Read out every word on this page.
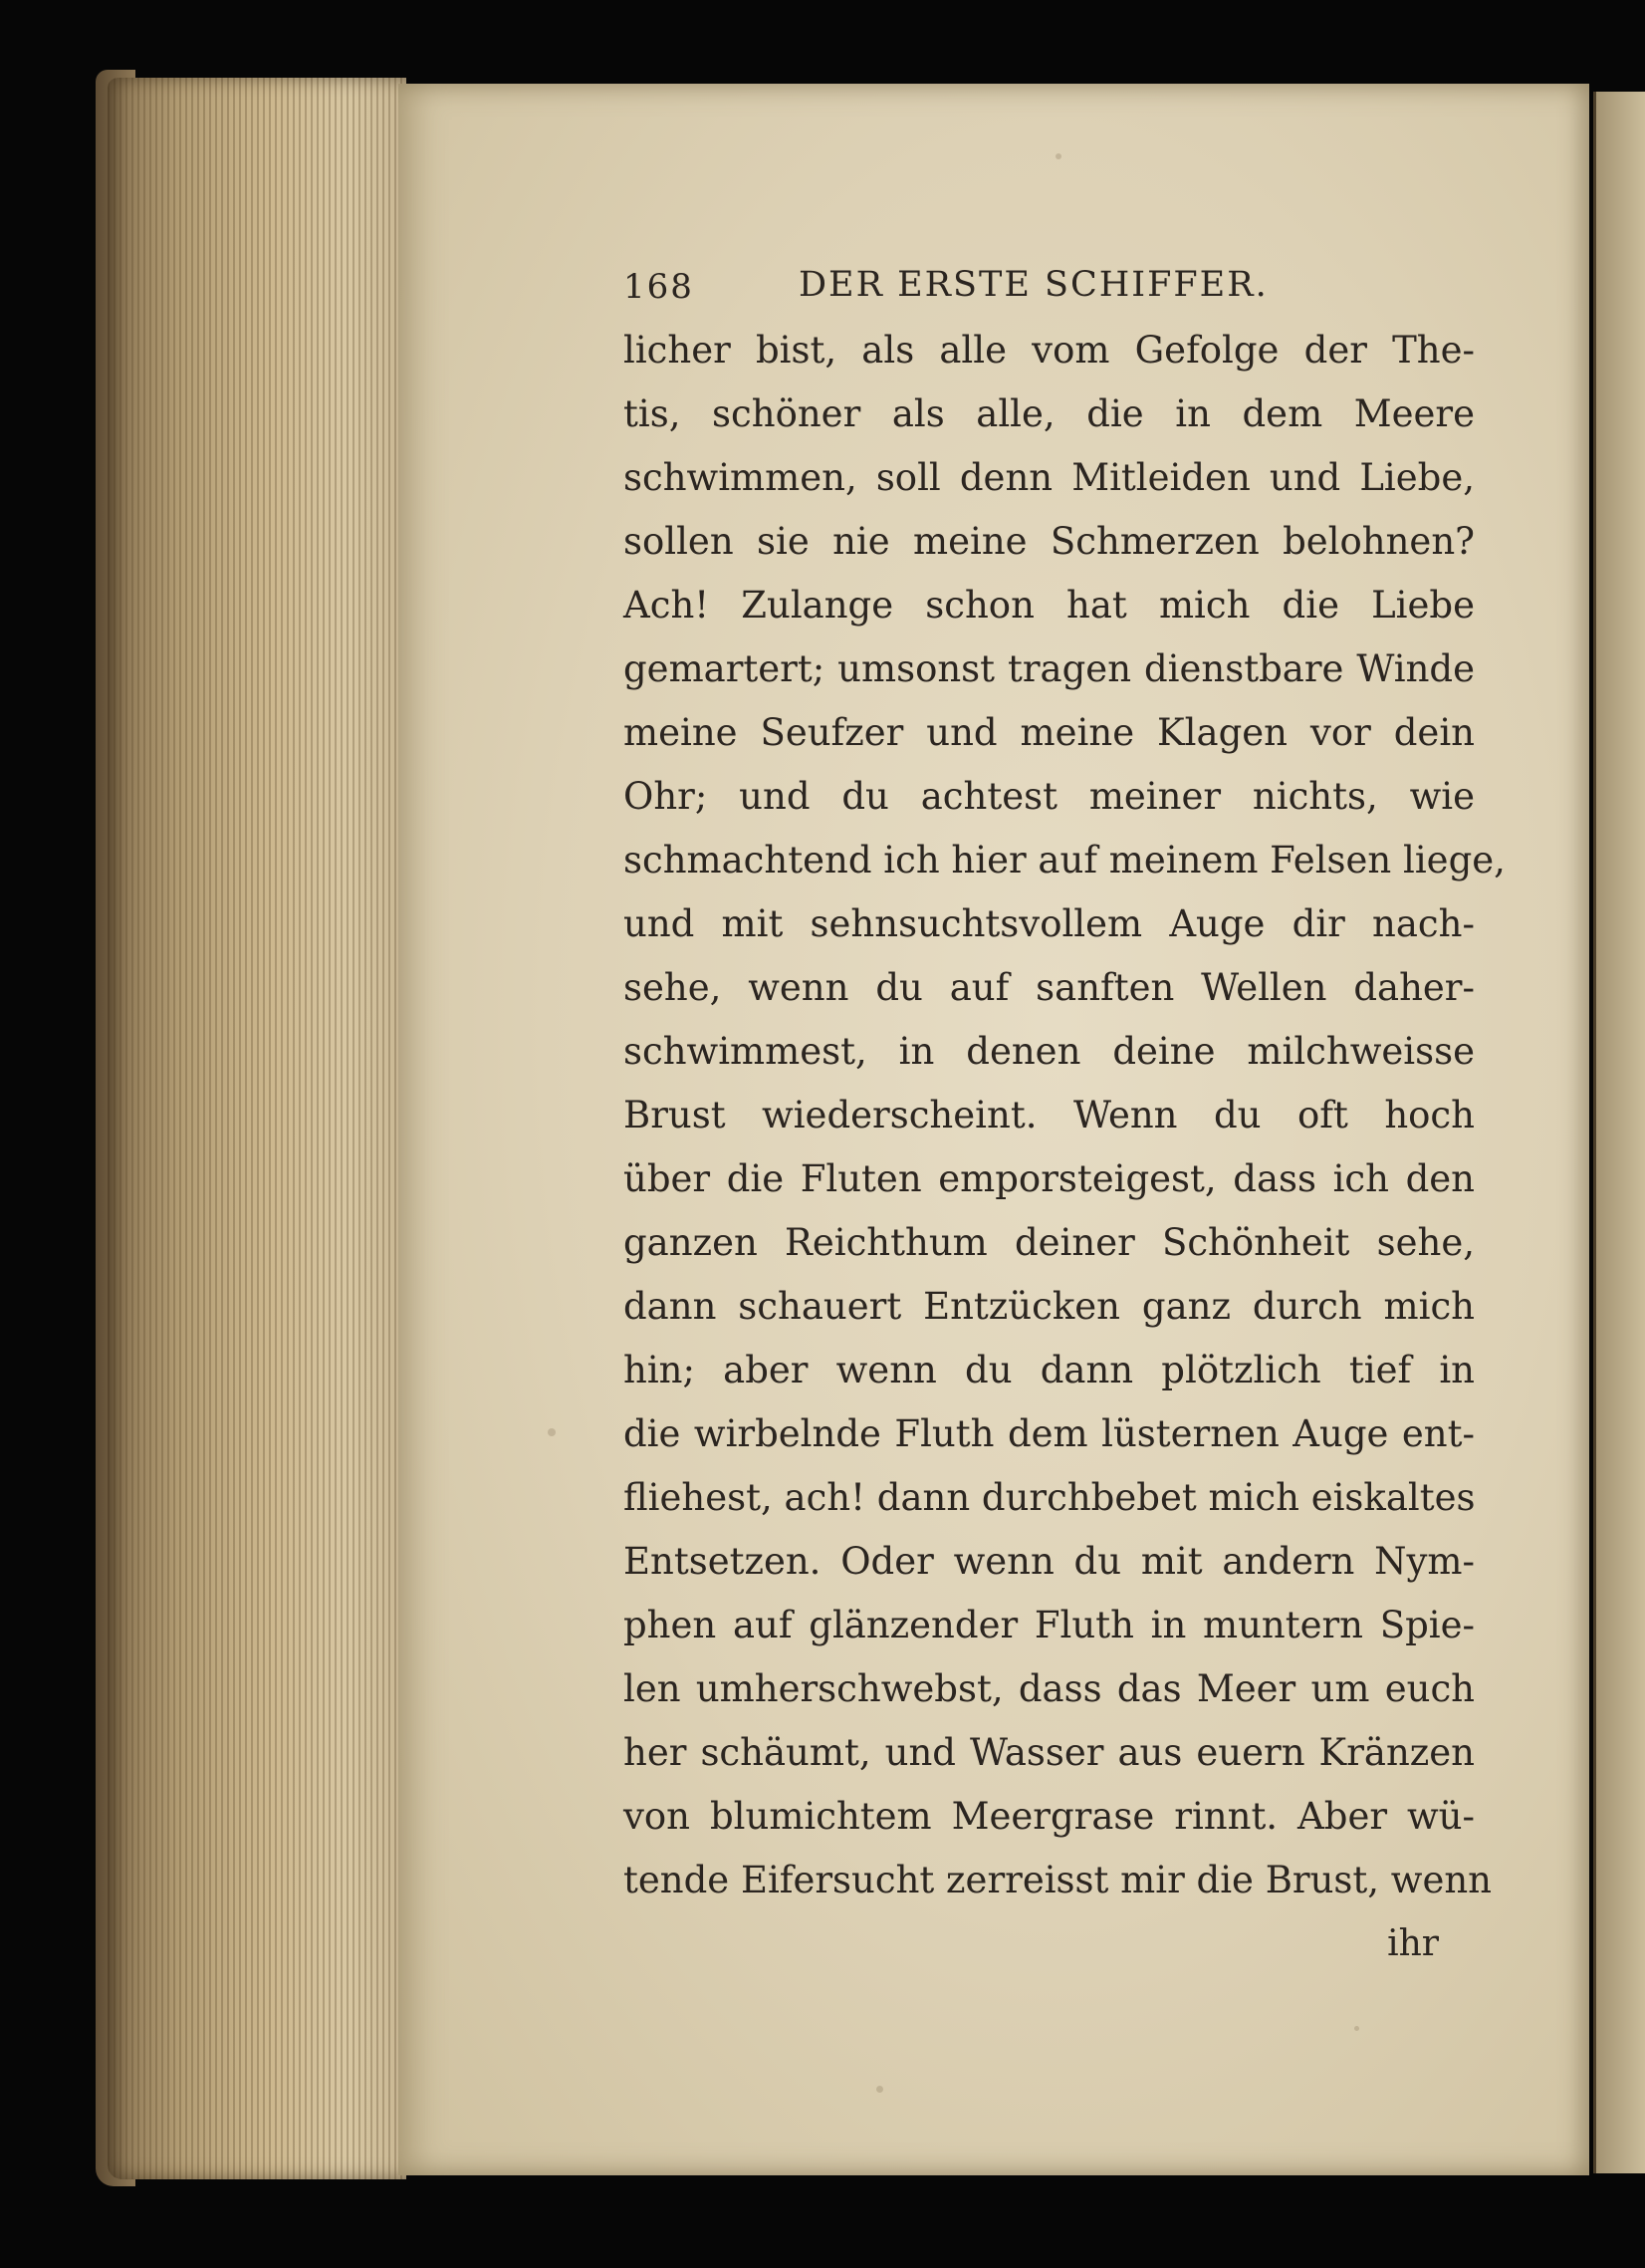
168	DER ERSTE SCHIFFER.
licher bist, als alle vom Gefolge der The-
tis, schöner als alle, die in dem Meere
schwimmen, soll denn Mitleiden und Liebe,
sollen sie nie meine Schmerzen belohnen?
Ach! Zulange schon hat mich die Liebe
gemartert; umsonst tragen dienstbare Winde
meine Seufzer und meine Klagen vor dein
Ohr; und du achtest meiner nichts, wie
schmachtend ich hier auf meinem Felsen liege,
und mit sehnsuchtsvollem Auge dir nach-
sehe, wenn du auf sanften Wellen daher-
schwimmest, in denen deine milchweisse
Brust wiederscheint. Wenn du oft hoch
über die Fluten emporsteigest, dass ich den
ganzen Reichthum deiner Schönheit sehe,
dann schauert Entzücken ganz durch mich
hin; aber wenn du dann plötzlich tief in
die wirbelnde Fluth dem lüsternen Auge ent-
fliehest, ach! dann durchbebet mich eiskaltes
Entsetzen. Oder wenn du mit andern Nym-
phen auf glänzender Fluth in muntern Spie-
len umherschwebst, dass das Meer um euch
her schäumt, und Wasser aus euern Kränzen
von blumichtem Meergrase rinnt. Aber wü-
tende Eifersucht zerreisst mir die Brust, wenn
ihr
